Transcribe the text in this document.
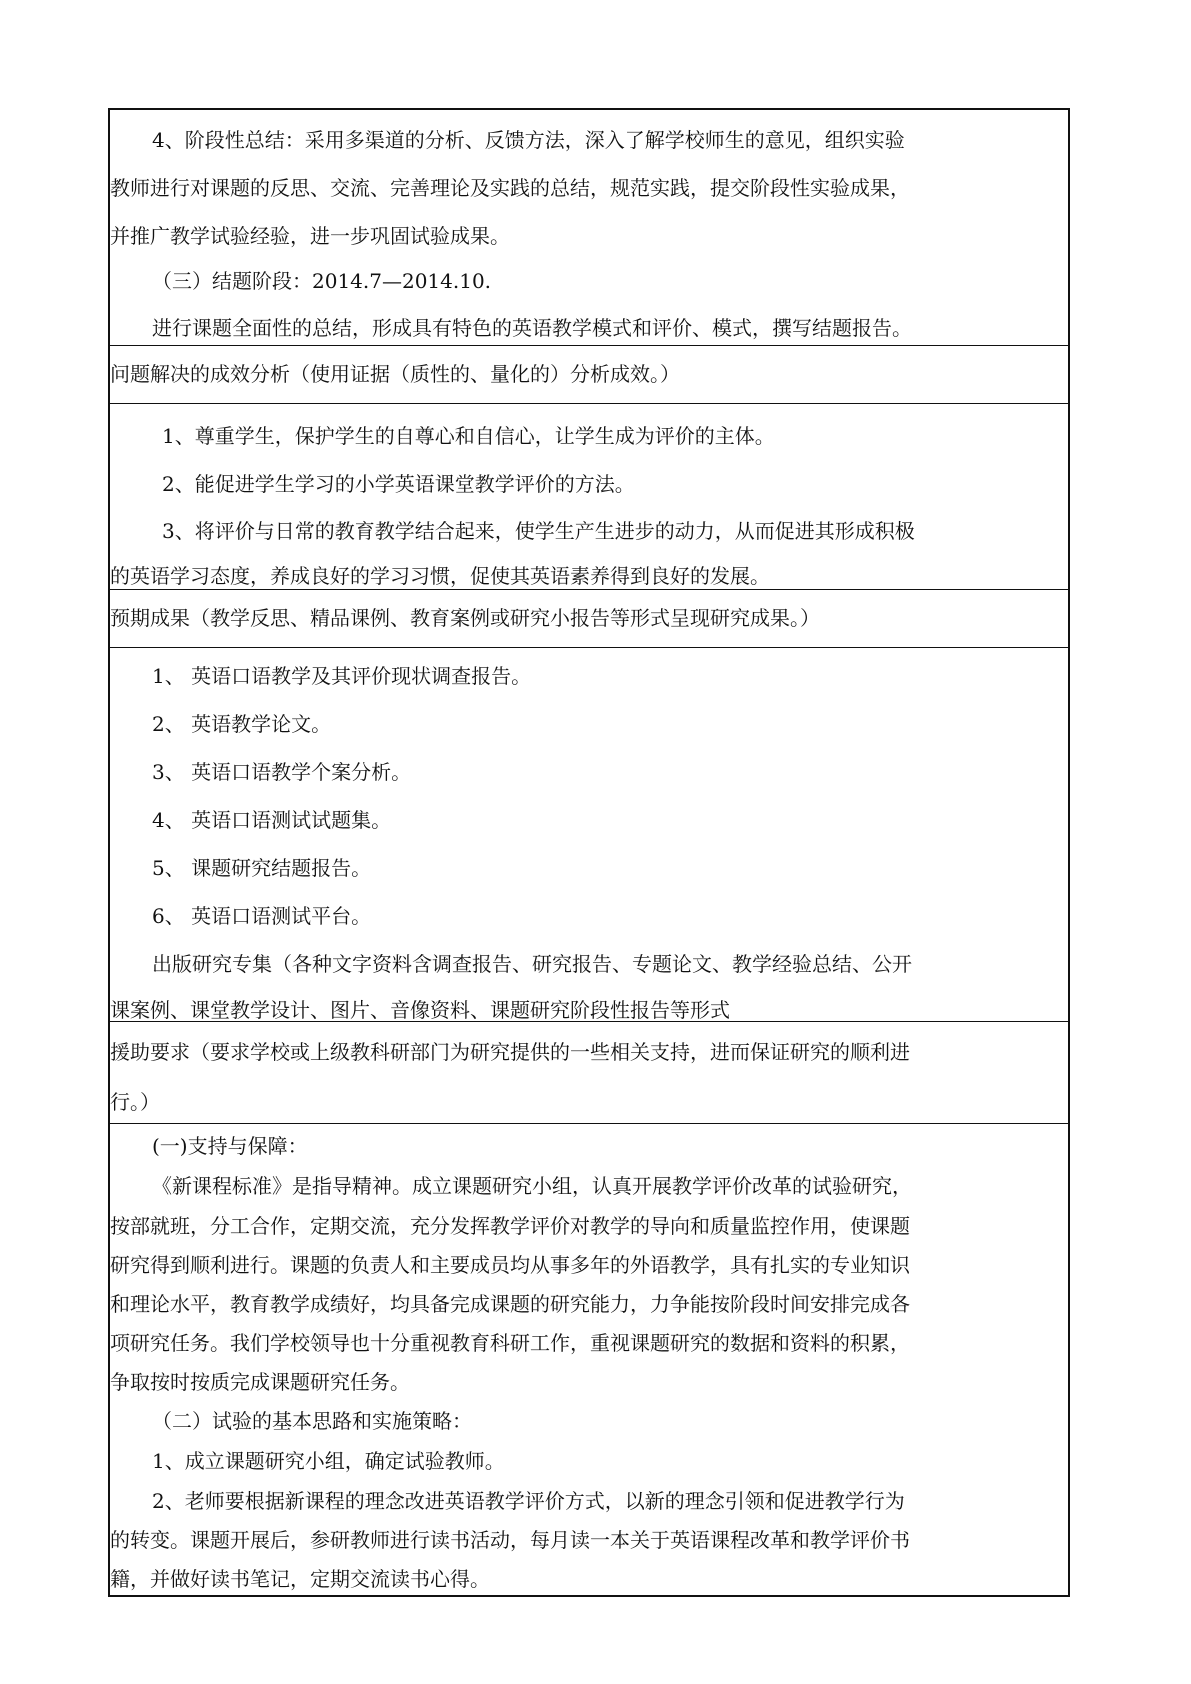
4、阶段性总结：采用多渠道的分析、反馈方法，深入了解学校师生的意见，组织实验
教师进行对课题的反思、交流、完善理论及实践的总结，规范实践，提交阶段性实验成果，
并推广教学试验经验，进一步巩固试验成果。
（三）结题阶段：2014.7—2014.10.
进行课题全面性的总结，形成具有特色的英语教学模式和评价、模式，撰写结题报告。
问题解决的成效分析（使用证据（质性的、量化的）分析成效。）
1、尊重学生，保护学生的自尊心和自信心，让学生成为评价的主体。
2、能促进学生学习的小学英语课堂教学评价的方法。
3、将评价与日常的教育教学结合起来，使学生产生进步的动力，从而促进其形成积极
的英语学习态度，养成良好的学习习惯，促使其英语素养得到良好的发展。
预期成果（教学反思、精品课例、教育案例或研究小报告等形式呈现研究成果。）
1、 英语口语教学及其评价现状调查报告。
2、 英语教学论文。
3、 英语口语教学个案分析。
4、 英语口语测试试题集。
5、 课题研究结题报告。
6、 英语口语测试平台。
出版研究专集（各种文字资料含调查报告、研究报告、专题论文、教学经验总结、公开
课案例、课堂教学设计、图片、音像资料、课题研究阶段性报告等形式
援助要求（要求学校或上级教科研部门为研究提供的一些相关支持，进而保证研究的顺利进
行。）
(一)支持与保障：
《新课程标准》是指导精神。成立课题研究小组，认真开展教学评价改革的试验研究，
按部就班，分工合作，定期交流，充分发挥教学评价对教学的导向和质量监控作用，使课题
研究得到顺利进行。课题的负责人和主要成员均从事多年的外语教学，具有扎实的专业知识
和理论水平，教育教学成绩好，均具备完成课题的研究能力，力争能按阶段时间安排完成各
项研究任务。我们学校领导也十分重视教育科研工作，重视课题研究的数据和资料的积累，
争取按时按质完成课题研究任务。
（二）试验的基本思路和实施策略：
1、成立课题研究小组，确定试验教师。
2、老师要根据新课程的理念改进英语教学评价方式，以新的理念引领和促进教学行为
的转变。课题开展后，参研教师进行读书活动，每月读一本关于英语课程改革和教学评价书
籍，并做好读书笔记，定期交流读书心得。
